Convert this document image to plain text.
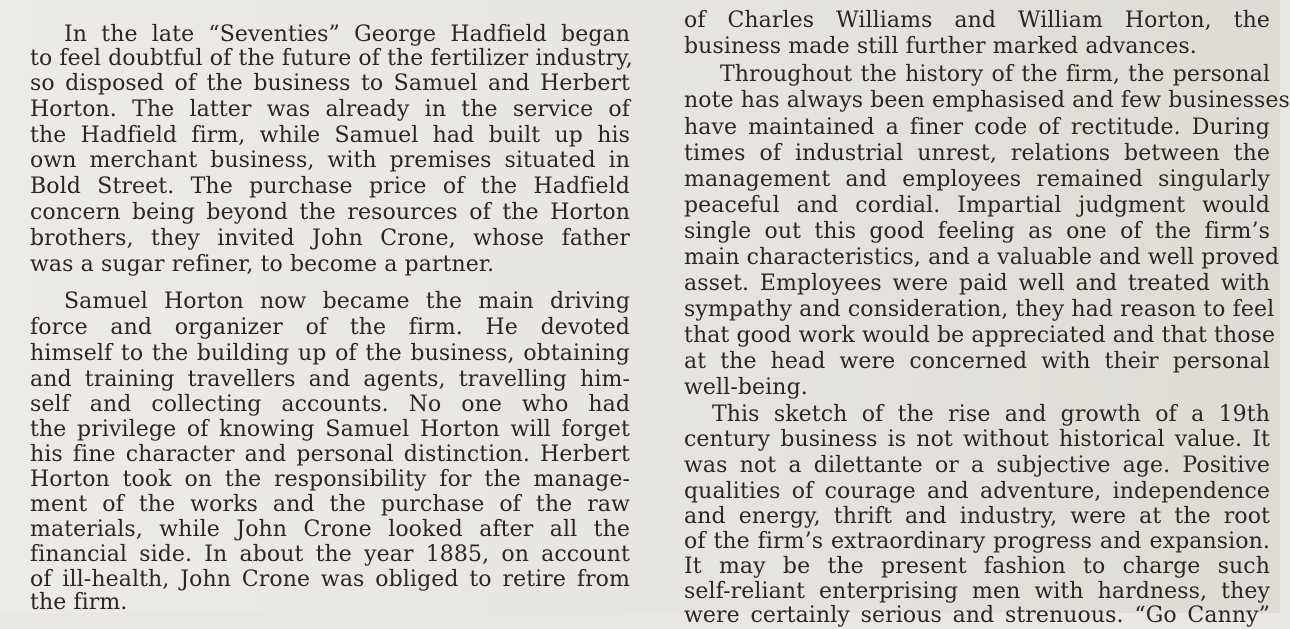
In the late “Seventies” George Hadfield began
to feel doubtful of the future of the fertilizer industry,
so disposed of the business to Samuel and Herbert
Horton. The latter was already in the service of
the Hadfield firm, while Samuel had built up his
own merchant business, with premises situated in
Bold Street. The purchase price of the Hadfield
concern being beyond the resources of the Horton
brothers, they invited John Crone, whose father
was a sugar refiner, to become a partner.
Samuel Horton now became the main driving
force and organizer of the firm. He devoted
himself to the building up of the business, obtaining
and training travellers and agents, travelling him-
self and collecting accounts. No one who had
the privilege of knowing Samuel Horton will forget
his fine character and personal distinction. Herbert
Horton took on the responsibility for the manage-
ment of the works and the purchase of the raw
materials, while John Crone looked after all the
financial side. In about the year 1885, on account
of ill-health, John Crone was obliged to retire from
the firm.
of Charles Williams and William Horton, the
business made still further marked advances.
Throughout the history of the firm, the personal
note has always been emphasised and few businesses
have maintained a finer code of rectitude. During
times of industrial unrest, relations between the
management and employees remained singularly
peaceful and cordial. Impartial judgment would
single out this good feeling as one of the firm’s
main characteristics, and a valuable and well proved
asset. Employees were paid well and treated with
sympathy and consideration, they had reason to feel
that good work would be appreciated and that those
at the head were concerned with their personal
well-being.
This sketch of the rise and growth of a 19th
century business is not without historical value. It
was not a dilettante or a subjective age. Positive
qualities of courage and adventure, independence
and energy, thrift and industry, were at the root
of the firm’s extraordinary progress and expansion.
It may be the present fashion to charge such
self-reliant enterprising men with hardness, they
were certainly serious and strenuous. “Go Canny”
